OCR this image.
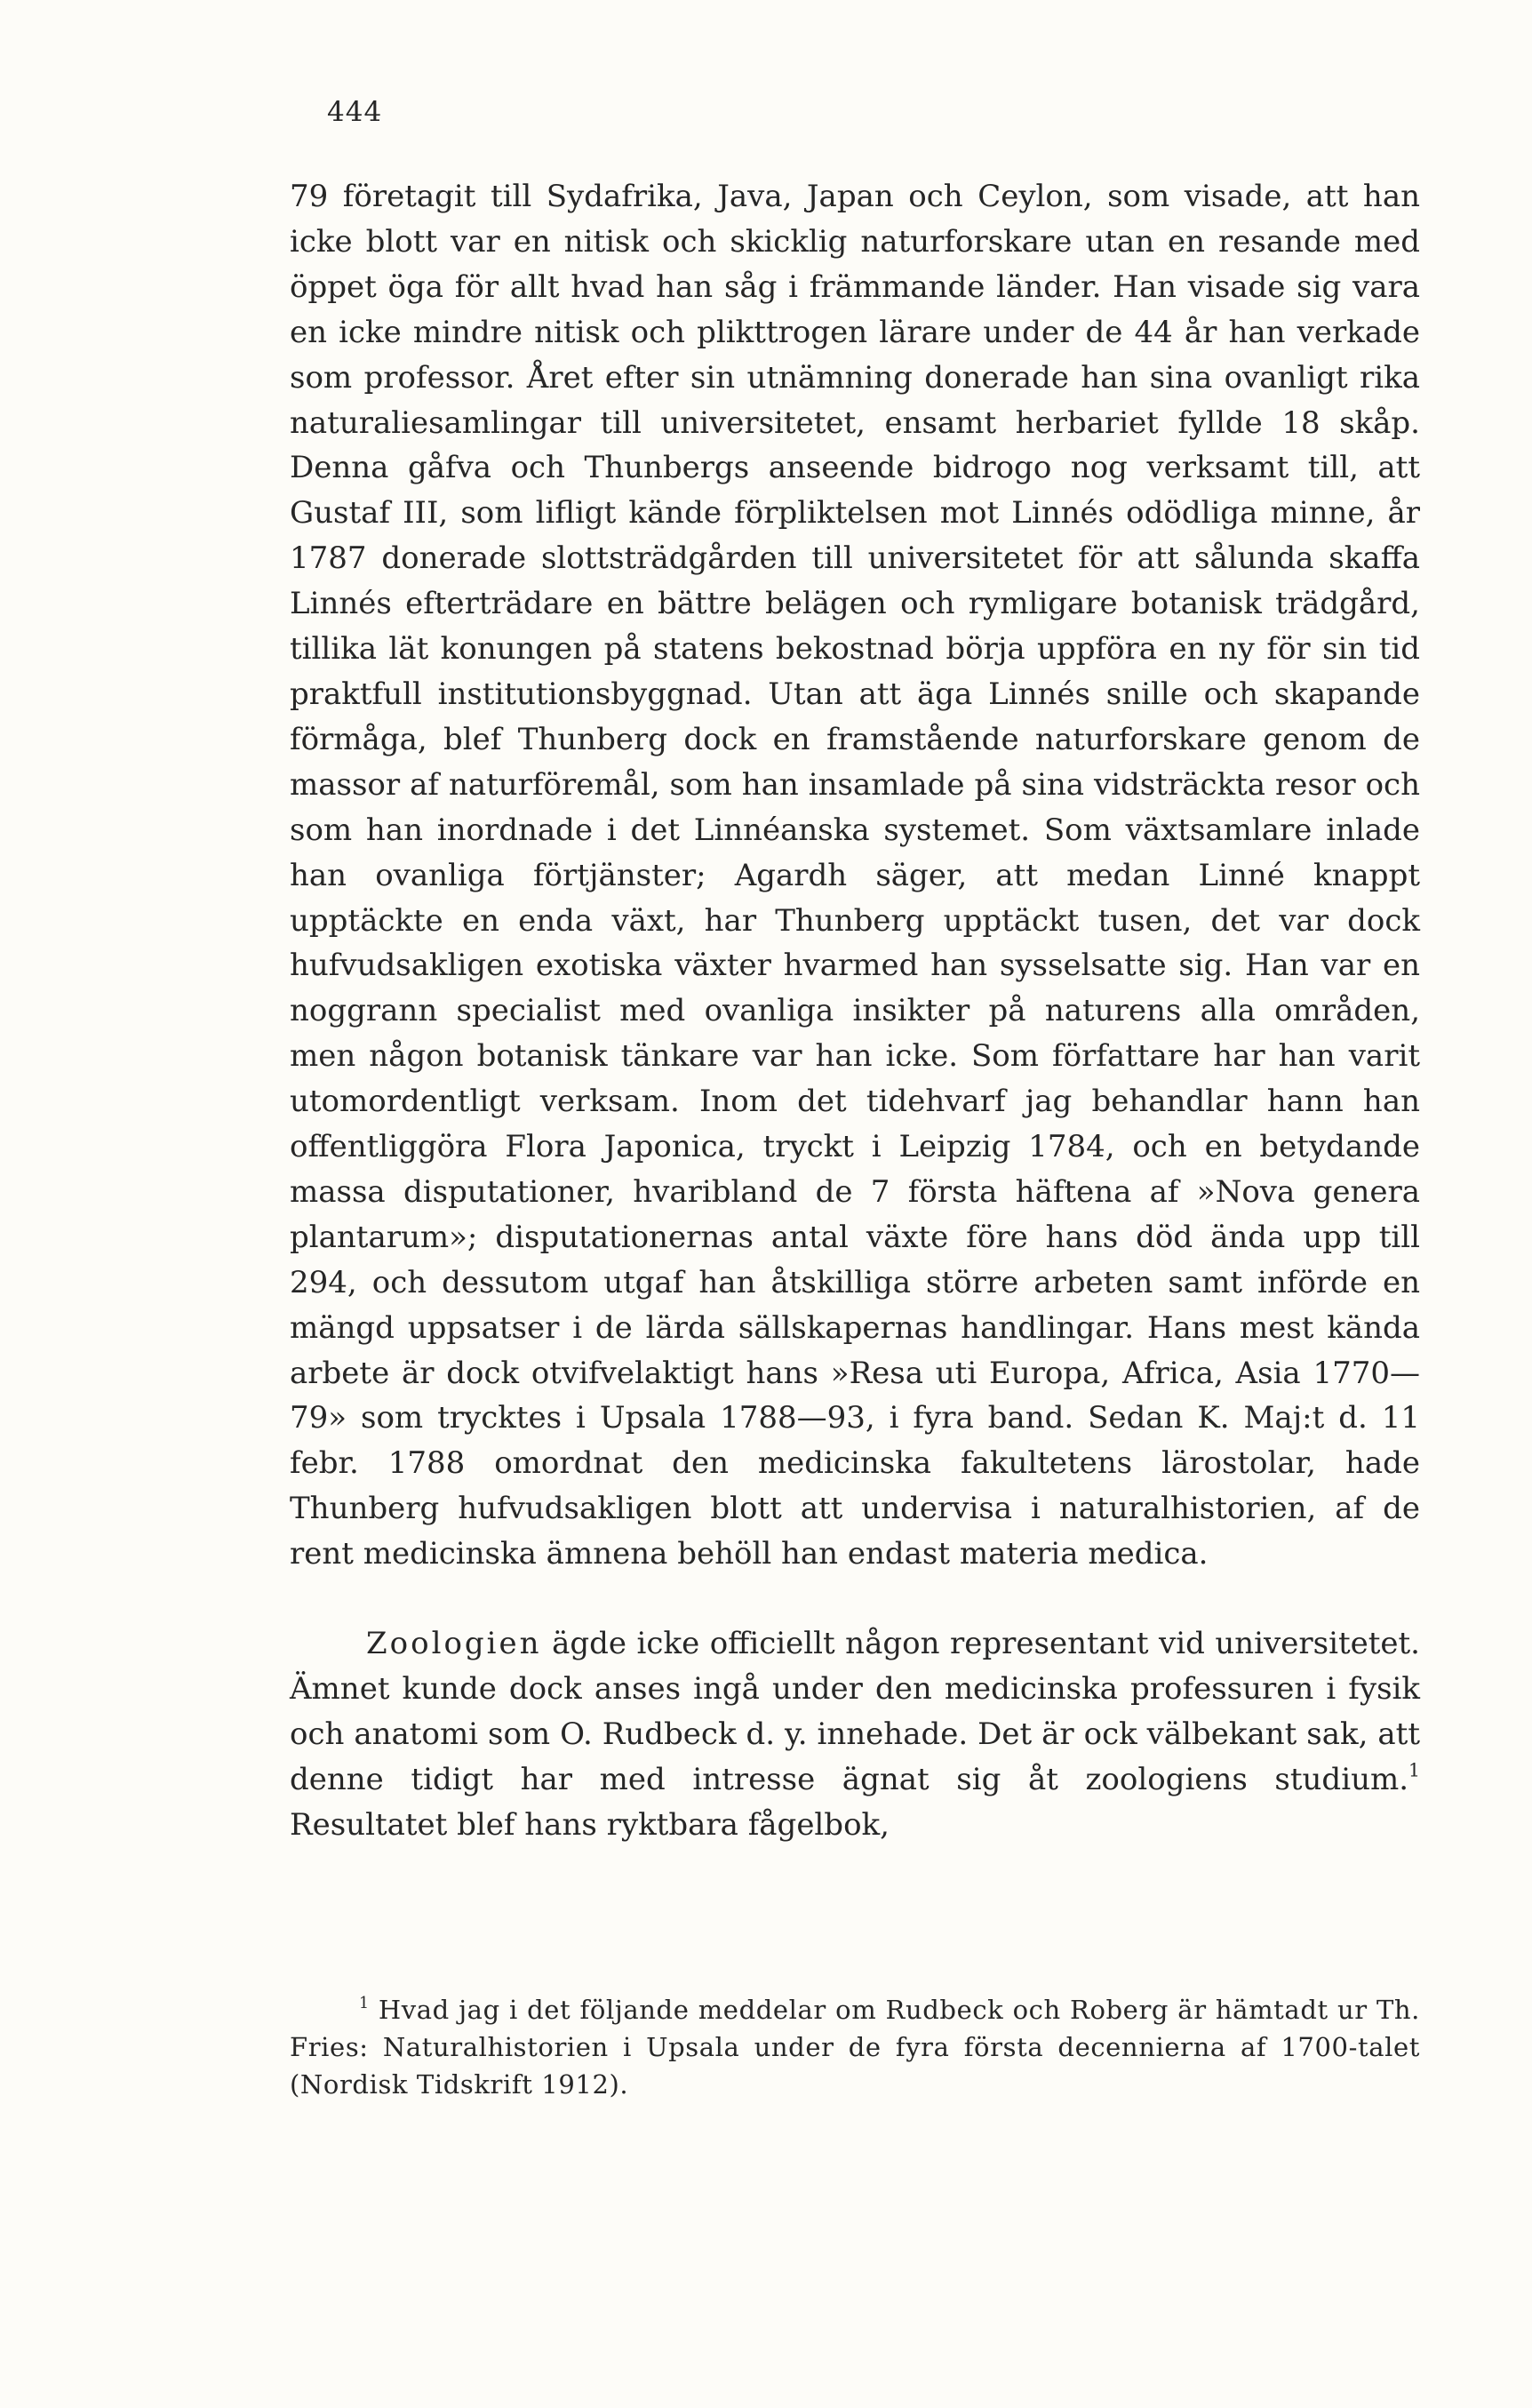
444

79 företagit till Sydafrika, Java, Japan och Ceylon, som visade, att han icke blott var en nitisk och skicklig naturforskare utan en resande med öppet öga för allt hvad han såg i främmande länder. Han visade sig vara en icke mindre nitisk och plikttrogen lärare under de 44 år han verkade som professor. Året efter sin utnämning donerade han sina ovanligt rika naturaliesamlingar till universitetet, ensamt herbariet fyllde 18 skåp. Denna gåfva och Thunbergs anseende bidrogo nog verksamt till, att Gustaf III, som lifligt kände förpliktelsen mot Linnés odödliga minne, år 1787 donerade slottsträdgården till universitetet för att sålunda skaffa Linnés efterträdare en bättre belägen och rymligare botanisk trädgård, tillika lät konungen på statens bekostnad börja uppföra en ny för sin tid praktfull institutionsbyggnad. Utan att äga Linnés snille och skapande förmåga, blef Thunberg dock en framstående naturforskare genom de massor af naturföremål, som han insamlade på sina vidsträckta resor och som han inordnade i det Linnéanska systemet. Som växtsamlare inlade han ovanliga förtjänster; Agardh säger, att medan Linné knappt upptäckte en enda växt, har Thunberg upptäckt tusen, det var dock hufvudsakligen exotiska växter hvarmed han sysselsatte sig. Han var en noggrann specialist med ovanliga insikter på naturens alla områden, men någon botanisk tänkare var han icke. Som författare har han varit utomordentligt verksam. Inom det tidehvarf jag behandlar hann han offentliggöra Flora Japonica, tryckt i Leipzig 1784, och en betydande massa disputationer, hvaribland de 7 första häftena af »Nova genera plantarum»; disputationernas antal växte före hans död ända upp till 294, och dessutom utgaf han åtskilliga större arbeten samt införde en mängd uppsatser i de lärda sällskapernas handlingar. Hans mest kända arbete är dock otvifvelaktigt hans »Resa uti Europa, Africa, Asia 1770—79» som trycktes i Upsala 1788—93, i fyra band. Sedan K. Maj:t d. 11 febr. 1788 omordnat den medicinska fakultetens lärostolar, hade Thunberg hufvudsakligen blott att undervisa i naturalhistorien, af de rent medicinska ämnena behöll han endast materia medica.

Zoologien ägde icke officiellt någon representant vid universitetet. Ämnet kunde dock anses ingå under den medicinska professuren i fysik och anatomi som O. Rudbeck d. y. innehade. Det är ock välbekant sak, att denne tidigt har med intresse ägnat sig åt zoologiens studium.$^1$ Resultatet blef hans ryktbara fågelbok,

$^1$ Hvad jag i det följande meddelar om Rudbeck och Roberg är hämtadt ur Th. Fries: Naturalhistorien i Upsala under de fyra första decennierna af 1700-talet (Nordisk Tidskrift 1912).
